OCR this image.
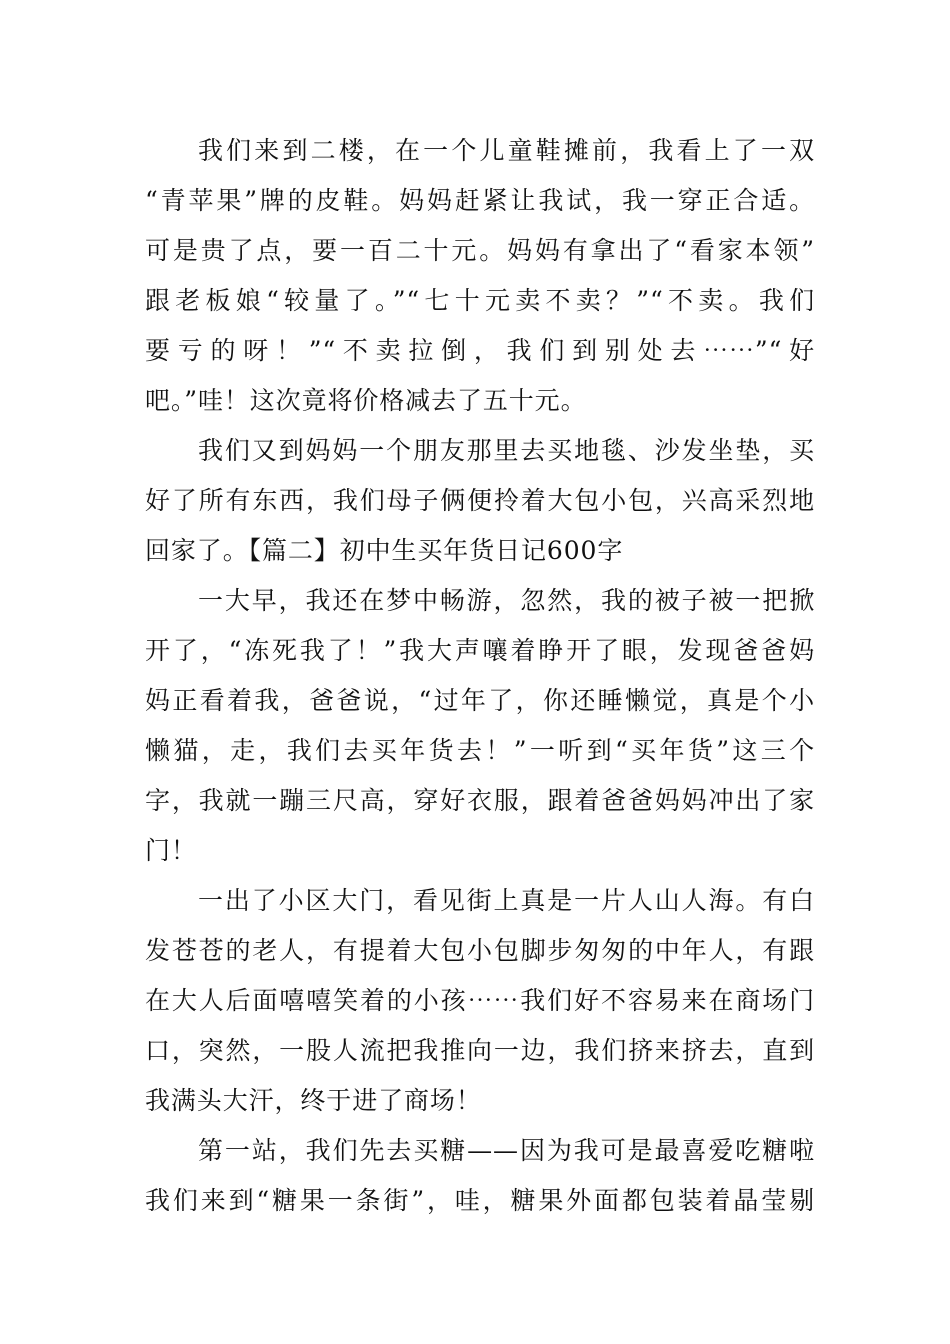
我们来到二楼，在一个儿童鞋摊前，我看上了一双
“青苹果”牌的皮鞋。妈妈赶紧让我试，我一穿正合适。
可是贵了点，要一百二十元。妈妈有拿出了“看家本领”
跟老板娘“较量了。”“七十元卖不卖？”“不卖。我们
要亏的呀！”“不卖拉倒，我们到别处去⋯⋯”“好
吧。”哇！这次竟将价格减去了五十元。
我们又到妈妈一个朋友那里去买地毯、沙发坐垫，买
好了所有东西，我们母子俩便拎着大包小包，兴高采烈地
回家了。【篇二】初中生买年货日记600字
一大早，我还在梦中畅游，忽然，我的被子被一把掀
开了，“冻死我了！”我大声嚷着睁开了眼，发现爸爸妈
妈正看着我，爸爸说，“过年了，你还睡懒觉，真是个小
懒猫，走，我们去买年货去！”一听到“买年货”这三个
字，我就一蹦三尺高，穿好衣服，跟着爸爸妈妈冲出了家
门！
一出了小区大门，看见街上真是一片人山人海。有白
发苍苍的老人，有提着大包小包脚步匆匆的中年人，有跟
在大人后面嘻嘻笑着的小孩⋯⋯我们好不容易来在商场门
口，突然，一股人流把我推向一边，我们挤来挤去，直到
我满头大汗，终于进了商场！
第一站，我们先去买糖——因为我可是最喜爱吃糖啦
我们来到“糖果一条街”，哇，糖果外面都包装着晶莹剔
